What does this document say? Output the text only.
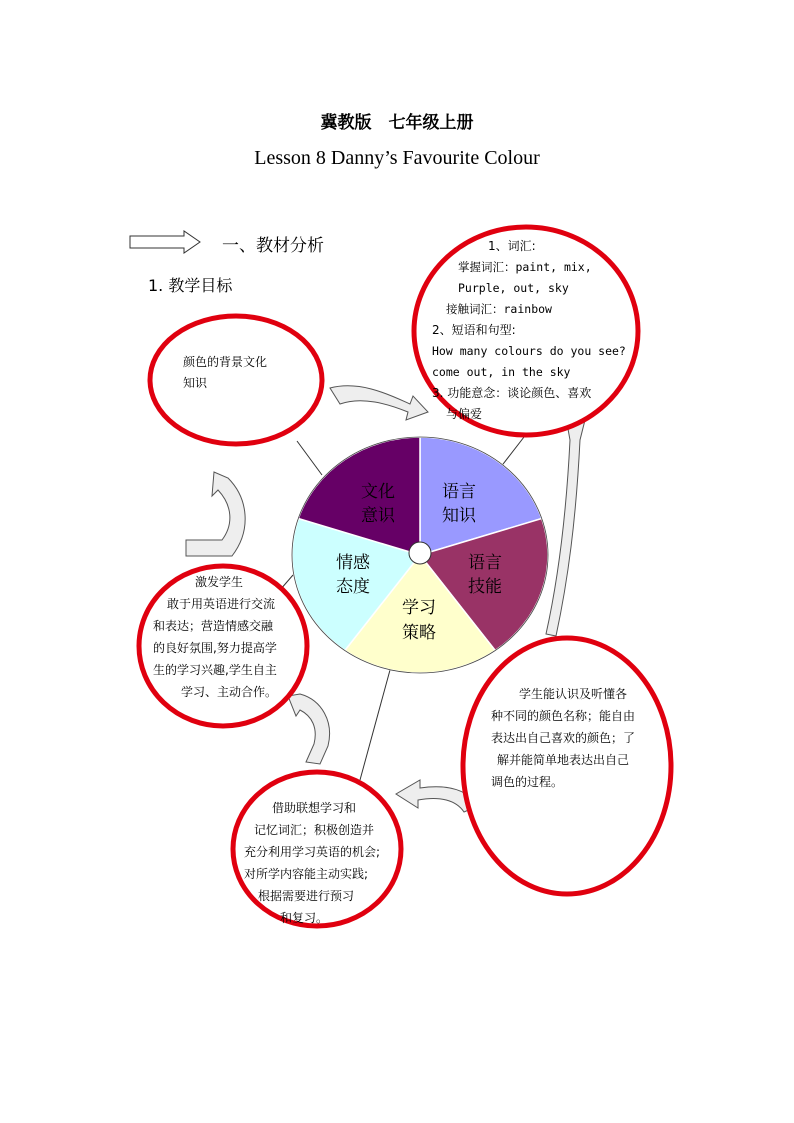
冀教版　七年级上册
Lesson 8 Danny’s Favourite Colour
语言
知识
语言
技能
学习
策略
情感
态度
文化
意识
一、教材分析
1. 教学目标
颜色的背景文化
知识
1、词汇:
掌握词汇：paint, mix,
Purple, out, sky
接触词汇：rainbow
2、短语和句型:
How many colours do you see?
come out, in the sky
3. 功能意念：谈论颜色、喜欢
与偏爱
激发学生
敢于用英语进行交流
和表达；营造情感交融
的良好氛围,努力提高学
生的学习兴趣,学生自主
学习、主动合作。	学生能认识及听懂各
种不同的颜色名称；能自由
表达出自己喜欢的颜色；了
解并能简单地表达出自己
调色的过程。
借助联想学习和
记忆词汇；积极创造并
充分利用学习英语的机会;
对所学内容能主动实践;
根据需要进行预习
和复习。
